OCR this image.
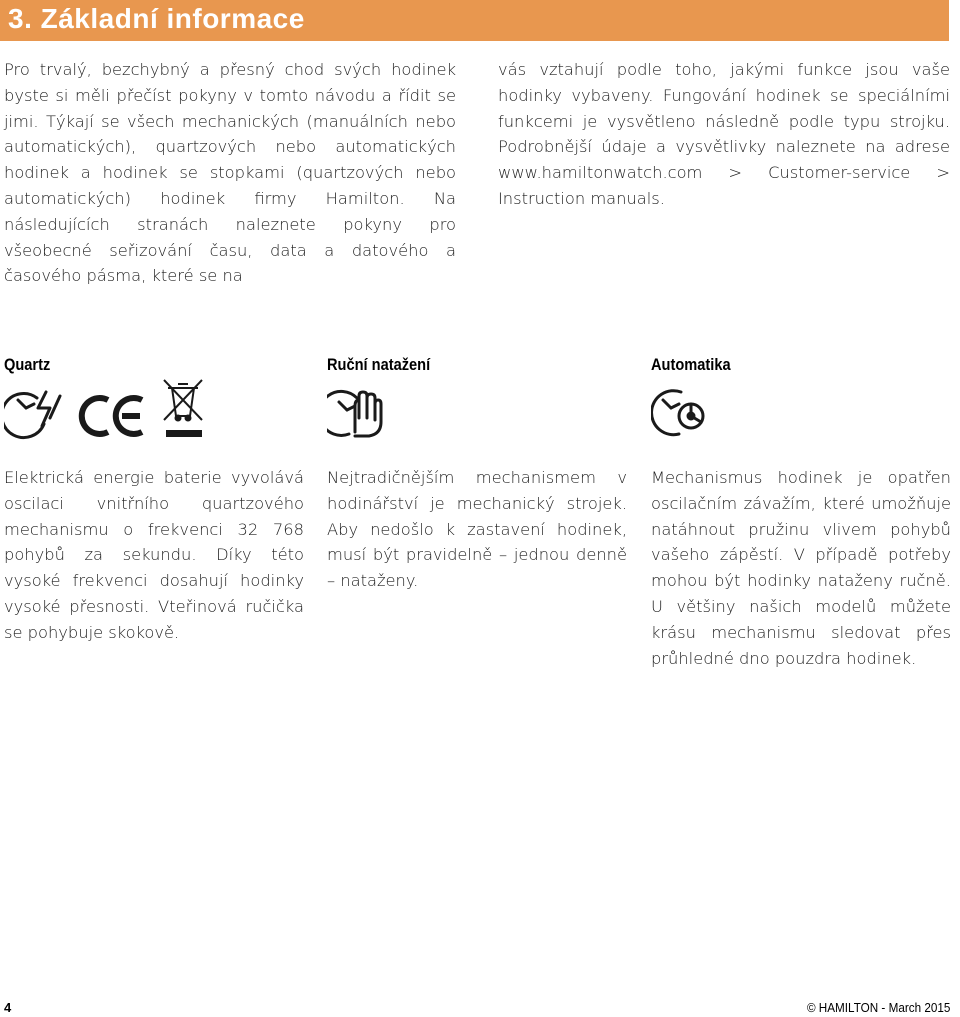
3. Základní informace

Pro trvalý, bezchybný a přesný chod svých hodinek byste si měli přečíst pokyny v tomto návodu a řídit se jimi. Týkají se všech mechanických (manuálních nebo automatických), quartzových nebo automatických hodinek a hodinek se stopkami (quartzových nebo automatických) hodinek firmy Hamilton. Na následujících stranách naleznete pokyny pro všeobecné seřizování času, data a datového a časového pásma, které se na

vás vztahují podle toho, jakými funkce jsou vaše hodinky vybaveny. Fungování hodinek se speciálními funkcemi je vysvětleno následně podle typu strojku. Podrobnější údaje a vysvětlivky naleznete na adrese www.hamiltonwatch.com > Customer-service > Instruction manuals.

Quartz

Elektrická energie baterie vyvolává oscilaci vnitřního quartzového mechanismu o frekvenci 32 768 pohybů za sekundu. Díky této vysoké frekvenci dosahují hodinky vysoké přesnosti. Vteřinová ručička se pohybuje skokově.

Ruční natažení

Nejtradičnějším mechanismem v hodinářství je mechanický strojek. Aby nedošlo k zastavení hodinek, musí být pravidelně – jednou denně – nataženy.

Automatika

Mechanismus hodinek je opatřen oscilačním závažím, které umožňuje natáhnout pružinu vlivem pohybů vašeho zápěstí. V případě potřeby mohou být hodinky nataženy ručně. U většiny našich modelů můžete krásu mechanismu sledovat přes průhledné dno pouzdra hodinek.

4	© HAMILTON - March 2015
